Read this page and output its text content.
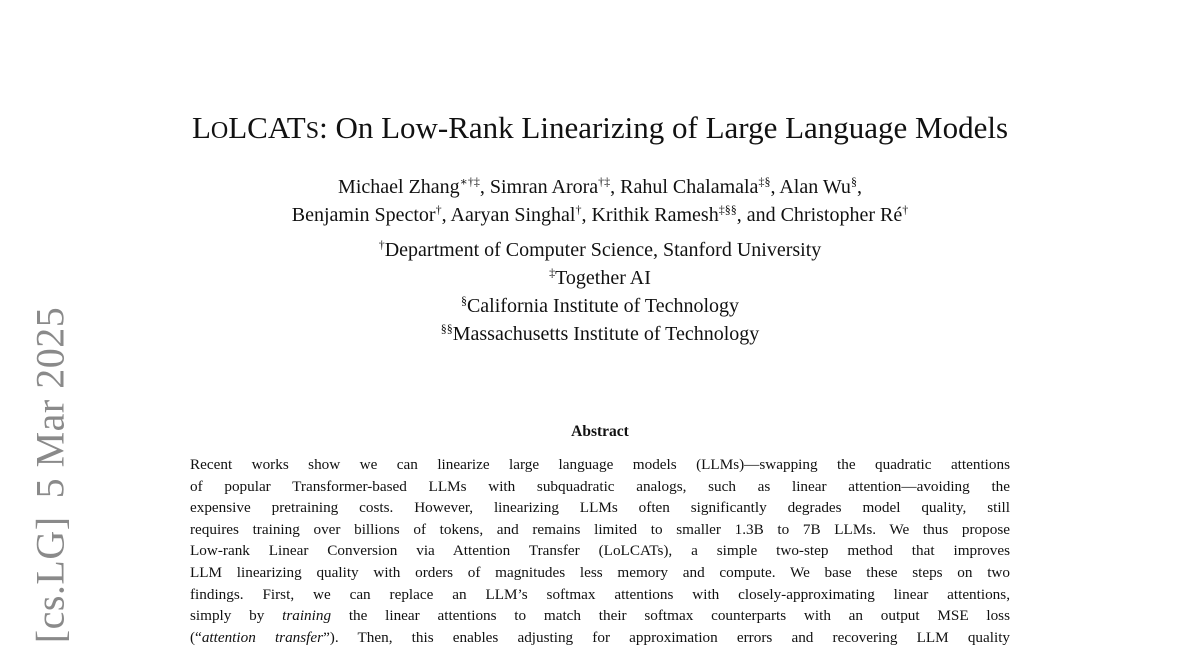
[cs.LG]5 Mar 2025
LOLCATS: On Low-Rank Linearizing of Large Language Models
Michael Zhang∗†‡, Simran Arora†‡, Rahul Chalamala‡§, Alan Wu§,
Benjamin Spector†, Aaryan Singhal†, Krithik Ramesh‡§§, and Christopher Ré†
†Department of Computer Science, Stanford University
‡Together AI
§California Institute of Technology
§§Massachusetts Institute of Technology
Abstract
Recent works show we can linearize large language models (LLMs)—swapping the quadratic attentions
of popular Transformer-based LLMs with subquadratic analogs, such as linear attention—avoiding the
expensive pretraining costs. However, linearizing LLMs often significantly degrades model quality, still
requires training over billions of tokens, and remains limited to smaller 1.3B to 7B LLMs. We thus propose
Low-rank Linear Conversion via Attention Transfer (LoLCATs), a simple two-step method that improves
LLM linearizing quality with orders of magnitudes less memory and compute. We base these steps on two
findings. First, we can replace an LLM’s softmax attentions with closely-approximating linear attentions,
simply by training the linear attentions to match their softmax counterparts with an output MSE loss
(“attention transfer”). Then, this enables adjusting for approximation errors and recovering LLM quality
